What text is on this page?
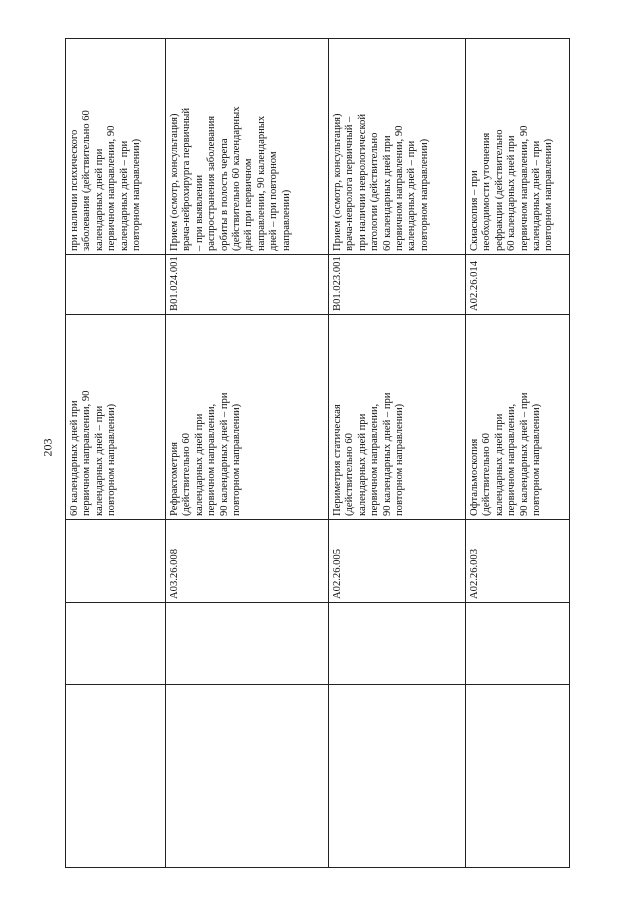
203
60 календарных дней при
первичном направлении, 90
календарных дней – при
повторном направлении)
при наличии психического
заболевания (действительно 60
календарных дней при
первичном направлении, 90
календарных дней – при
повторном направлении)
A03.26.008
Рефрактометрия
(действительно 60
календарных дней при
первичном направлении,
90 календарных дней – при
повторном направлении)
B01.024.001
Прием (осмотр, консультация)
врача-нейрохирурга первичный
– при выявлении
распространения заболевания
орбиты в полость черепа
(действительно 60 календарных
дней при первичном
направлении, 90 календарных
дней – при повторном
направлении)
A02.26.005
Периметрия статическая
(действительно 60
календарных дней при
первичном направлении,
90 календарных дней – при
повторном направлении)
B01.023.001
Прием (осмотр, консультация)
врача-невролога первичный –
при наличии неврологической
патологии (действительно
60 календарных дней при
первичном направлении, 90
календарных дней – при
повторном направлении)
A02.26.003
Офтальмоскопия
(действительно 60
календарных дней при
первичном направлении,
90 календарных дней – при
повторном направлении)
A02.26.014
Скиаскопия – при
необходимости уточнения
рефракции (действительно
60 календарных дней при
первичном направлении, 90
календарных дней – при
повторном направлении)
